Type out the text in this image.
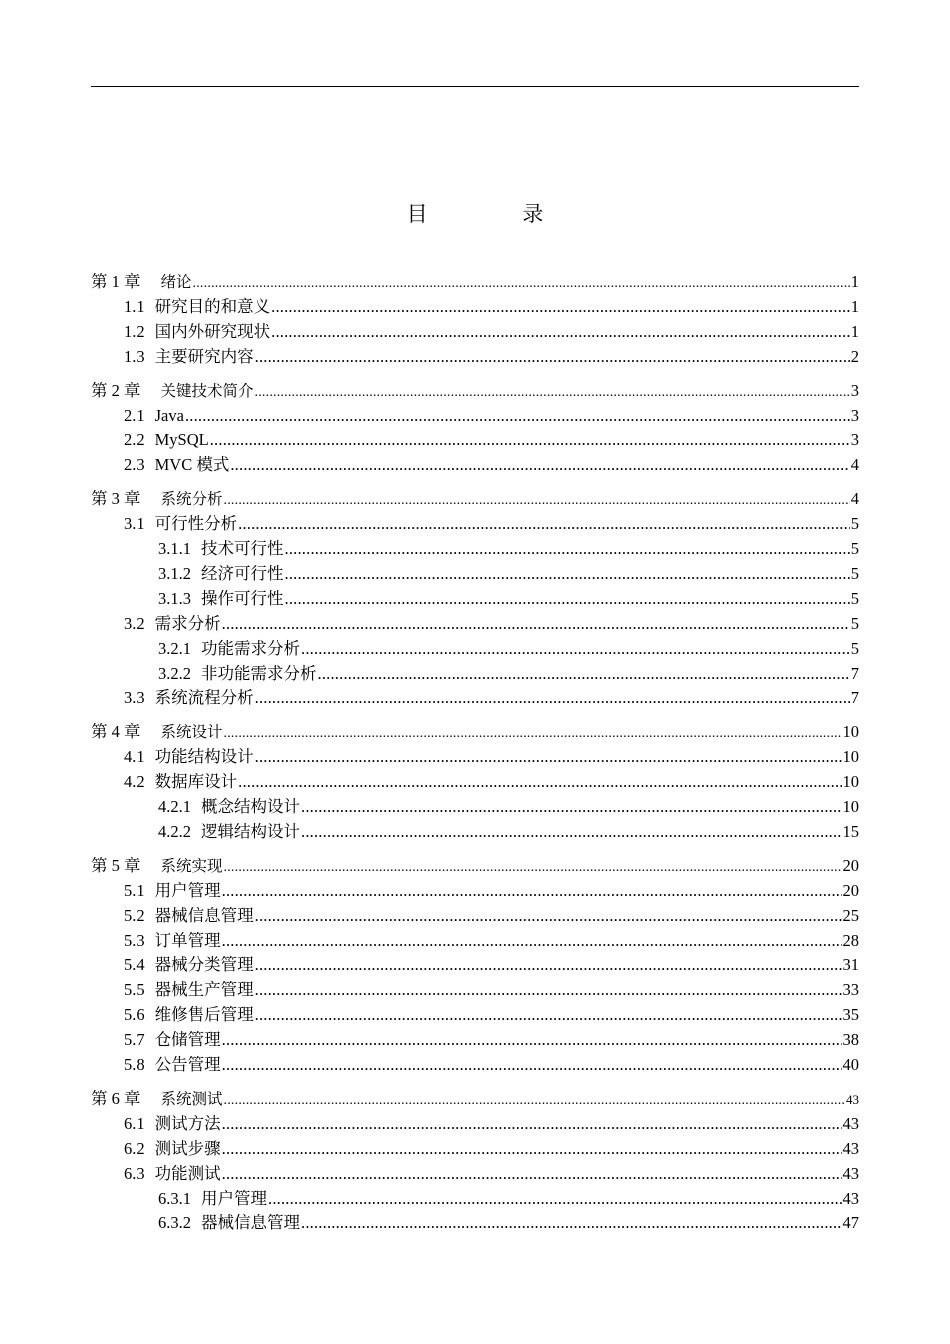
目 录
第 1 章 绪论 .....	1
1.1 研究目的和意义 .....	1
1.2 国内外研究现状 .....	1
1.3 主要研究内容 .....	2
第 2 章 关键技术简介 .....	3
2.1 Java .....	3
2.2 MySQL .....	3
2.3 MVC 模式 .....	4
第 3 章 系统分析 .....	4
3.1 可行性分析 .....	5
3.1.1 技术可行性 .....	5
3.1.2 经济可行性 .....	5
3.1.3 操作可行性 .....	5
3.2 需求分析 .....	5
3.2.1 功能需求分析 .....	5
3.2.2 非功能需求分析 .....	7
3.3 系统流程分析 .....	7
第 4 章 系统设计 .....	10
4.1 功能结构设计 .....	10
4.2 数据库设计 .....	10
4.2.1 概念结构设计 .....	10
4.2.2 逻辑结构设计 .....	15
第 5 章 系统实现 .....	20
5.1 用户管理 .....	20
5.2 器械信息管理 .....	25
5.3 订单管理 .....	28
5.4 器械分类管理 .....	31
5.5 器械生产管理 .....	33
5.6 维修售后管理 .....	35
5.7 仓储管理 .....	38
5.8 公告管理 .....	40
第 6 章 系统测试 .....	43
6.1 测试方法 .....	43
6.2 测试步骤 .....	43
6.3 功能测试 .....	43
6.3.1 用户管理 .....	43
6.3.2 器械信息管理 .....	47
